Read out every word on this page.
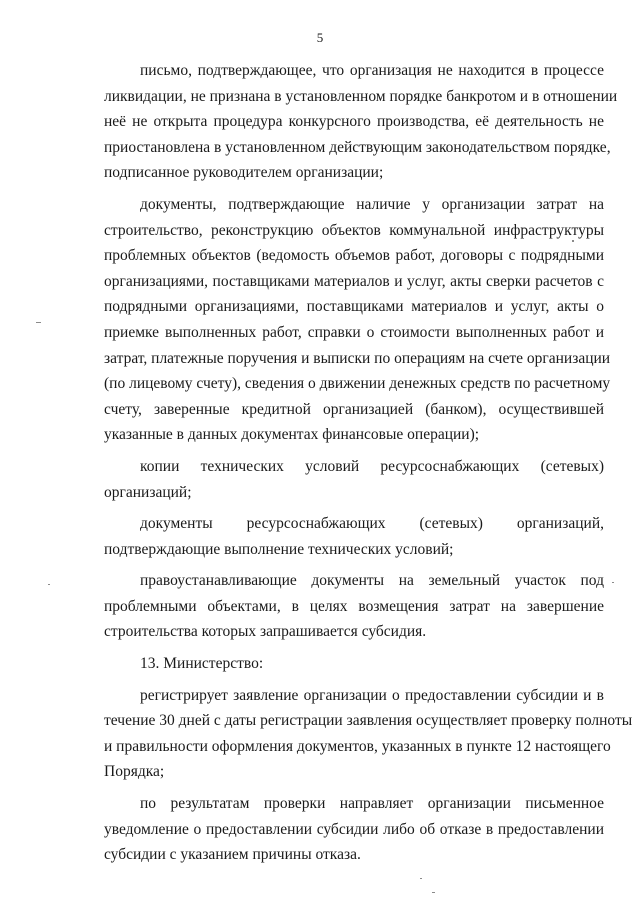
5
письмо, подтверждающее, что организация не находится в процессе
ликвидации, не признана в установленном порядке банкротом и в отношении
неё не открыта процедура конкурсного производства, её деятельность не
приостановлена в установленном действующим законодательством порядке,
подписанное руководителем организации;
документы, подтверждающие наличие у организации затрат на
строительство, реконструкцию объектов коммунальной инфраструктуры
проблемных объектов (ведомость объемов работ, договоры с подрядными
организациями, поставщиками материалов и услуг, акты сверки расчетов с
подрядными организациями, поставщиками материалов и услуг, акты о
приемке выполненных работ, справки о стоимости выполненных работ и
затрат, платежные поручения и выписки по операциям на счете организации
(по лицевому счету), сведения о движении денежных средств по расчетному
счету, заверенные кредитной организацией (банком), осуществившей
указанные в данных документах финансовые операции);
копии технических условий ресурсоснабжающих (сетевых)
организаций;
документы ресурсоснабжающих (сетевых) организаций,
подтверждающие выполнение технических условий;
правоустанавливающие документы на земельный участок под
проблемными объектами, в целях возмещения затрат на завершение
строительства которых запрашивается субсидия.
13. Министерство:
регистрирует заявление организации о предоставлении субсидии и в
течение 30 дней с даты регистрации заявления осуществляет проверку полноты
и правильности оформления документов, указанных в пункте 12 настоящего
Порядка;
по результатам проверки направляет организации письменное
уведомление о предоставлении субсидии либо об отказе в предоставлении
субсидии с указанием причины отказа.
